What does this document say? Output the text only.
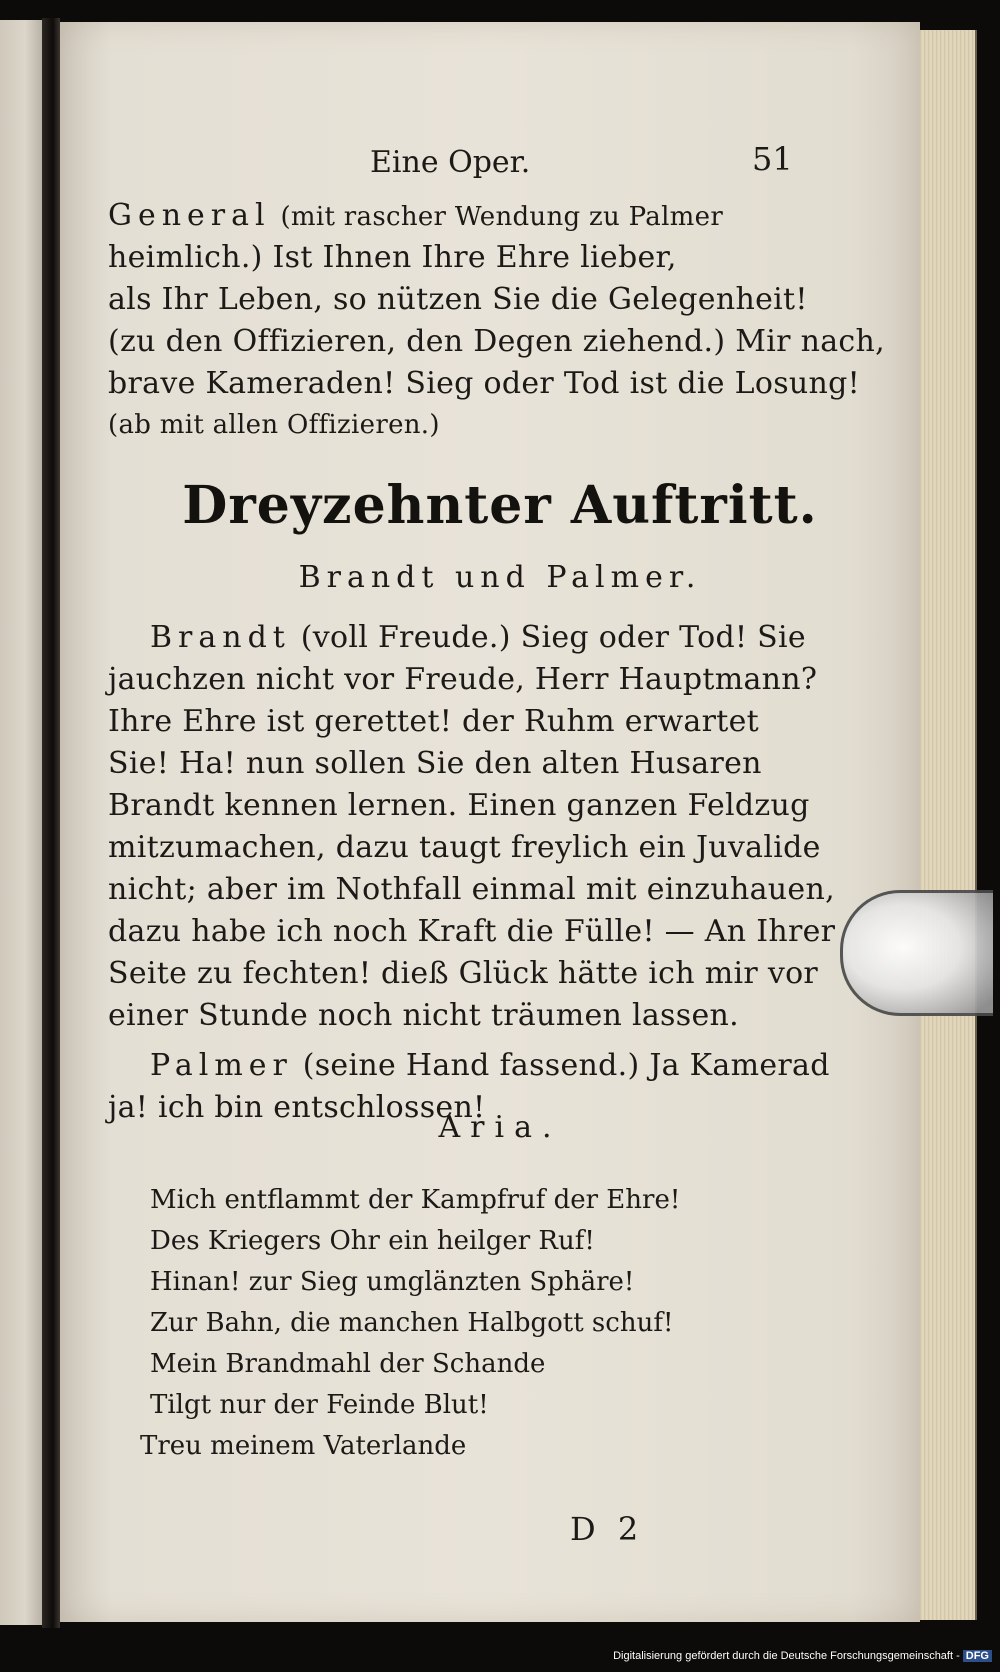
Eine Oper.	51
General (mit rascher Wendung zu Palmer
heimlich.) Ist Ihnen Ihre Ehre lieber,
als Ihr Leben, so nützen Sie die Gelegenheit!
(zu den Offizieren, den Degen ziehend.) Mir nach,
brave Kameraden! Sieg oder Tod ist die Losung!
(ab mit allen Offizieren.)
Dreyzehnter Auftritt.
Brandt und Palmer.
Brandt (voll Freude.) Sieg oder Tod! Sie
jauchzen nicht vor Freude, Herr Hauptmann?
Ihre Ehre ist gerettet! der Ruhm erwartet
Sie! Ha! nun sollen Sie den alten Husaren
Brandt kennen lernen. Einen ganzen Feldzug
mitzumachen, dazu taugt freylich ein Juvalide
nicht; aber im Nothfall einmal mit einzuhauen,
dazu habe ich noch Kraft die Fülle! — An Ihrer
Seite zu fechten! dieß Glück hätte ich mir vor
einer Stunde noch nicht träumen lassen.
Palmer (seine Hand fassend.) Ja Kamerad
ja! ich bin entschlossen!
Aria.
Mich entflammt der Kampfruf der Ehre!
Des Kriegers Ohr ein heilger Ruf!
Hinan! zur Sieg umglänzten Sphäre!
Zur Bahn, die manchen Halbgott schuf!
Mein Brandmahl der Schande
Tilgt nur der Feinde Blut!
Treu meinem Vaterlande
D 2
Digitalisierung gefördert durch die Deutsche Forschungsgemeinschaft - DFG
